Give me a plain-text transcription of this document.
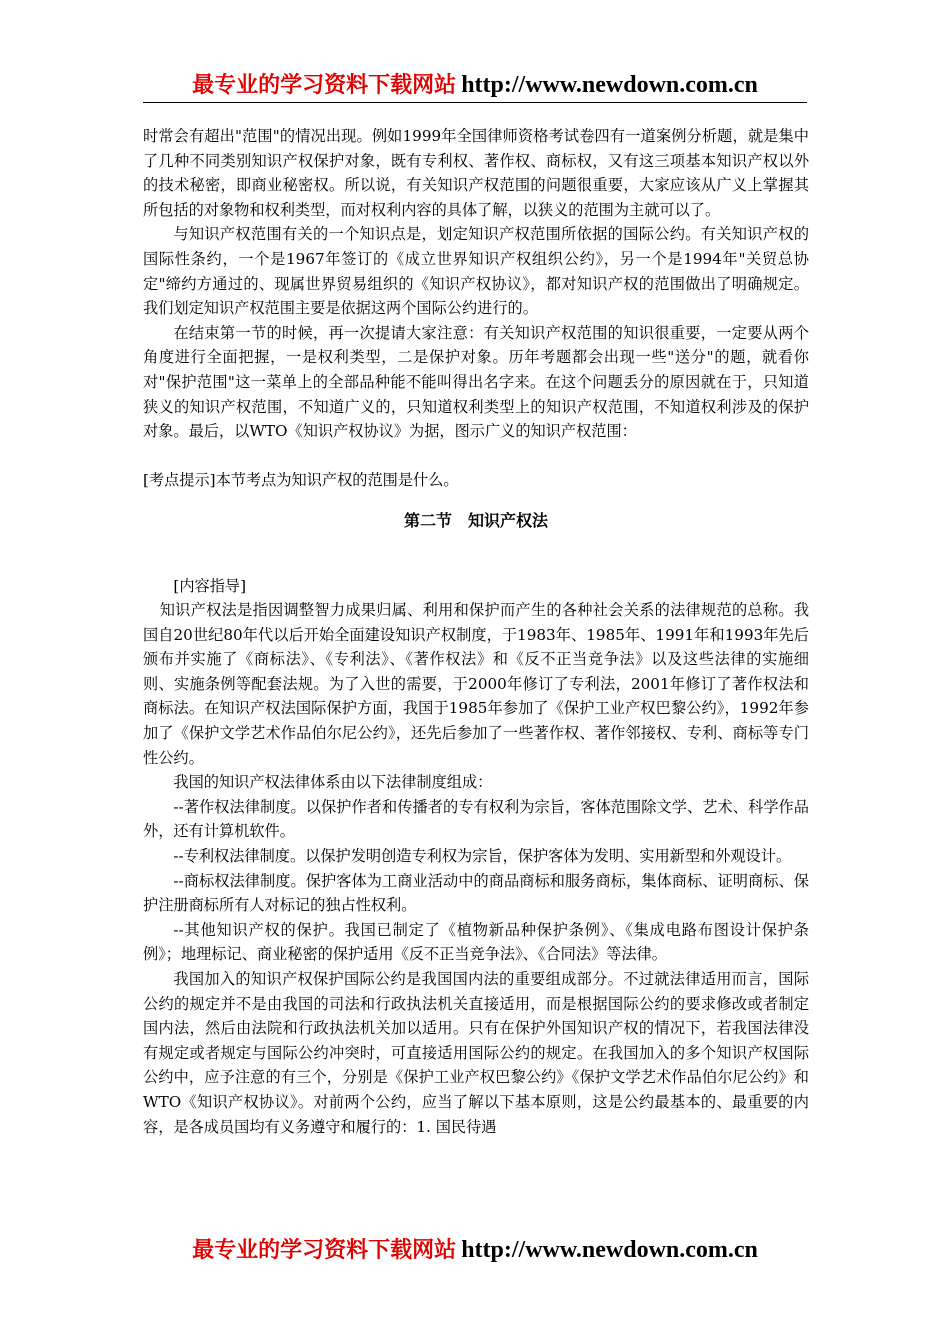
最专业的学习资料下载网站 http://www.newdown.com.cn

时常会有超出"范围"的情况出现。例如1999年全国律师资格考试卷四有一道案例分析题，就是集中了几种不同类别知识产权保护对象，既有专利权、著作权、商标权，又有这三项基本知识产权以外的技术秘密，即商业秘密权。所以说，有关知识产权范围的问题很重要，大家应该从广义上掌握其所包括的对象物和权利类型，而对权利内容的具体了解，以狭义的范围为主就可以了。

与知识产权范围有关的一个知识点是，划定知识产权范围所依据的国际公约。有关知识产权的国际性条约，一个是1967年签订的《成立世界知识产权组织公约》，另一个是1994年"关贸总协定"缔约方通过的、现属世界贸易组织的《知识产权协议》，都对知识产权的范围做出了明确规定。我们划定知识产权范围主要是依据这两个国际公约进行的。

在结束第一节的时候，再一次提请大家注意：有关知识产权范围的知识很重要，一定要从两个角度进行全面把握，一是权利类型，二是保护对象。历年考题都会出现一些"送分"的题，就看你对"保护范围"这一菜单上的全部品种能不能叫得出名字来。在这个问题丢分的原因就在于，只知道狭义的知识产权范围，不知道广义的，只知道权利类型上的知识产权范围，不知道权利涉及的保护对象。最后，以WTO《知识产权协议》为据，图示广义的知识产权范围：

[考点提示]本节考点为知识产权的范围是什么。

第二节　知识产权法

[内容指导]

知识产权法是指因调整智力成果归属、利用和保护而产生的各种社会关系的法律规范的总称。我国自20世纪80年代以后开始全面建设知识产权制度，于1983年、1985年、1991年和1993年先后颁布并实施了《商标法》、《专利法》、《著作权法》和《反不正当竞争法》以及这些法律的实施细则、实施条例等配套法规。为了入世的需要，于2000年修订了专利法，2001年修订了著作权法和商标法。在知识产权法国际保护方面，我国于1985年参加了《保护工业产权巴黎公约》，1992年参加了《保护文学艺术作品伯尔尼公约》，还先后参加了一些著作权、著作邻接权、专利、商标等专门性公约。

我国的知识产权法律体系由以下法律制度组成：

--著作权法律制度。以保护作者和传播者的专有权利为宗旨，客体范围除文学、艺术、科学作品外，还有计算机软件。

--专利权法律制度。以保护发明创造专利权为宗旨，保护客体为发明、实用新型和外观设计。

--商标权法律制度。保护客体为工商业活动中的商品商标和服务商标，集体商标、证明商标、保护注册商标所有人对标记的独占性权利。

--其他知识产权的保护。我国已制定了《植物新品种保护条例》、《集成电路布图设计保护条例》；地理标记、商业秘密的保护适用《反不正当竞争法》、《合同法》等法律。

我国加入的知识产权保护国际公约是我国国内法的重要组成部分。不过就法律适用而言，国际公约的规定并不是由我国的司法和行政执法机关直接适用，而是根据国际公约的要求修改或者制定国内法，然后由法院和行政执法机关加以适用。只有在保护外国知识产权的情况下，若我国法律没有规定或者规定与国际公约冲突时，可直接适用国际公约的规定。在我国加入的多个知识产权国际公约中，应予注意的有三个，分别是《保护工业产权巴黎公约》《保护文学艺术作品伯尔尼公约》和WTO《知识产权协议》。对前两个公约，应当了解以下基本原则，这是公约最基本的、最重要的内容，是各成员国均有义务遵守和履行的：1. 国民待遇

最专业的学习资料下载网站 http://www.newdown.com.cn
